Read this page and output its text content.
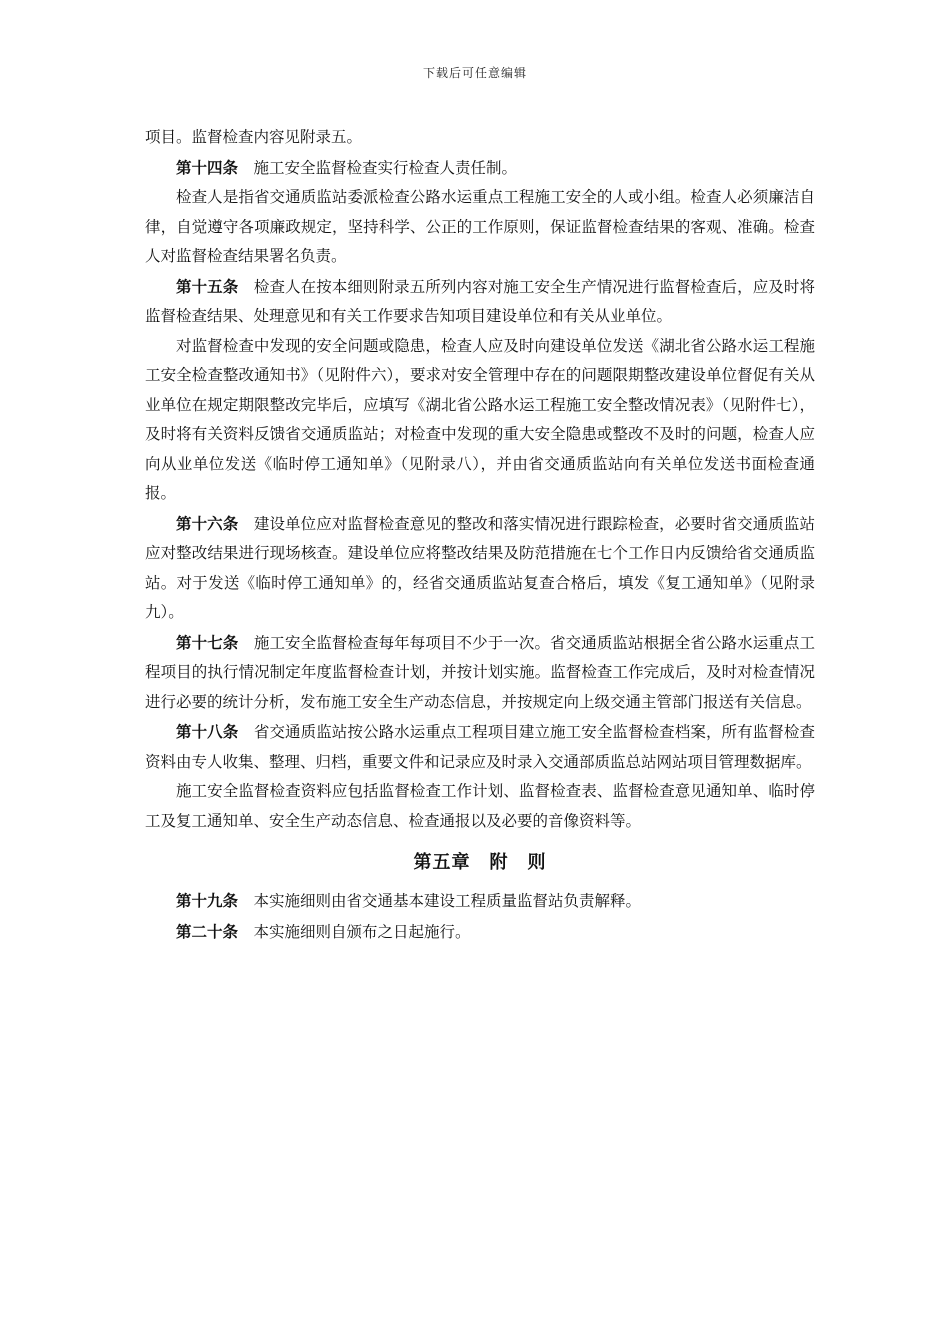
下载后可任意编辑

项目。监督检查内容见附录五。

第十四条 施工安全监督检查实行检查人责任制。

检查人是指省交通质监站委派检查公路水运重点工程施工安全的人或小组。检查人必须廉洁自律，自觉遵守各项廉政规定，坚持科学、公正的工作原则，保证监督检查结果的客观、准确。检查人对监督检查结果署名负责。

第十五条 检查人在按本细则附录五所列内容对施工安全生产情况进行监督检查后，应及时将监督检查结果、处理意见和有关工作要求告知项目建设单位和有关从业单位。

对监督检查中发现的安全问题或隐患，检查人应及时向建设单位发送《湖北省公路水运工程施工安全检查整改通知书》（见附件六），要求对安全管理中存在的问题限期整改建设单位督促有关从业单位在规定期限整改完毕后，应填写《湖北省公路水运工程施工安全整改情况表》（见附件七），及时将有关资料反馈省交通质监站；对检查中发现的重大安全隐患或整改不及时的问题，检查人应向从业单位发送《临时停工通知单》（见附录八），并由省交通质监站向有关单位发送书面检查通报。

第十六条 建设单位应对监督检查意见的整改和落实情况进行跟踪检查，必要时省交通质监站应对整改结果进行现场核查。建设单位应将整改结果及防范措施在七个工作日内反馈给省交通质监站。对于发送《临时停工通知单》的，经省交通质监站复查合格后，填发《复工通知单》（见附录九）。

第十七条 施工安全监督检查每年每项目不少于一次。省交通质监站根据全省公路水运重点工程项目的执行情况制定年度监督检查计划，并按计划实施。监督检查工作完成后，及时对检查情况进行必要的统计分析，发布施工安全生产动态信息，并按规定向上级交通主管部门报送有关信息。

第十八条 省交通质监站按公路水运重点工程项目建立施工安全监督检查档案，所有监督检查资料由专人收集、整理、归档，重要文件和记录应及时录入交通部质监总站网站项目管理数据库。

施工安全监督检查资料应包括监督检查工作计划、监督检查表、监督检查意见通知单、临时停工及复工通知单、安全生产动态信息、检查通报以及必要的音像资料等。

第五章　附　则

第十九条 本实施细则由省交通基本建设工程质量监督站负责解释。

第二十条 本实施细则自颁布之日起施行。
